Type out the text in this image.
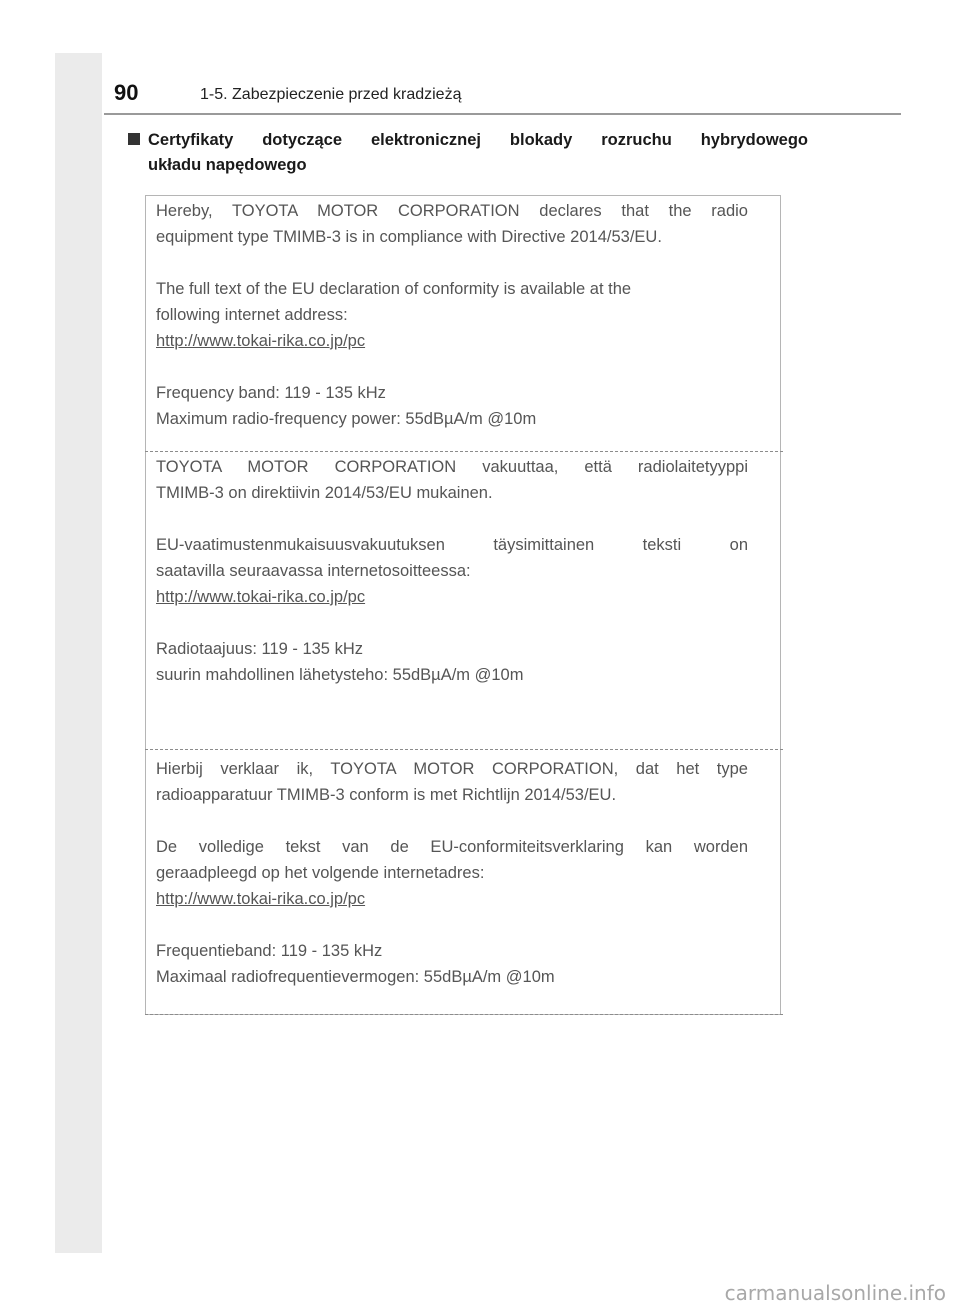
90	1-5. Zabezpieczenie przed kradzieżą
Certyfikaty dotyczące elektronicznej blokady rozruchu hybrydowego
układu napędowego

Hereby, TOYOTA MOTOR CORPORATION declares that the radio

equipment type TMIMB-3 is in compliance with Directive 2014/53/EU.

The full text of the EU declaration of conformity is available at the

following internet address:

http://www.tokai-rika.co.jp/pc

Frequency band: 119 - 135 kHz

Maximum radio-frequency power: 55dBµA/m @10m

TOYOTA MOTOR CORPORATION vakuuttaa, että radiolaitetyyppi

TMIMB-3 on direktiivin 2014/53/EU mukainen.

EU-vaatimustenmukaisuusvakuutuksen täysimittainen teksti on

saatavilla seuraavassa internetosoitteessa:

http://www.tokai-rika.co.jp/pc

Radiotaajuus: 119 - 135 kHz

suurin mahdollinen lähetysteho: 55dBµA/m @10m

Hierbij verklaar ik, TOYOTA MOTOR CORPORATION, dat het type

radioapparatuur TMIMB-3 conform is met Richtlijn 2014/53/EU.

De volledige tekst van de EU-conformiteitsverklaring kan worden

geraadpleegd op het volgende internetadres:

http://www.tokai-rika.co.jp/pc

Frequentieband: 119 - 135 kHz

Maximaal radiofrequentievermogen: 55dBµA/m @10m

carmanualsonline.info
